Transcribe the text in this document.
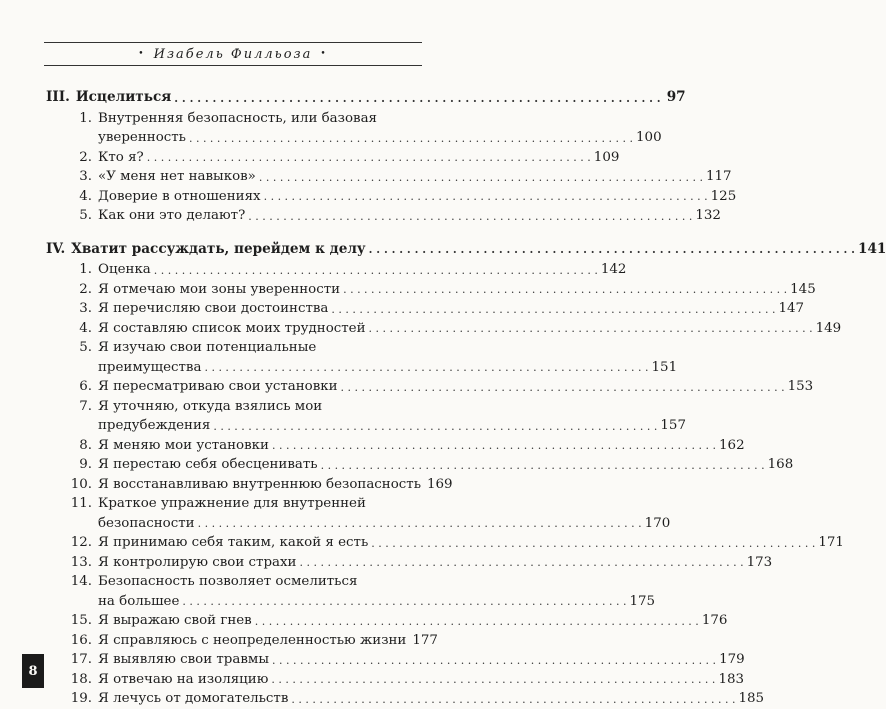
• Изабель Филльоза •
III. Исцелиться . . .	97
1. Внутренняя безопасность, или базовая
уверенность . . .	100
2. Кто я? . . .	109
3. «У меня нет навыков» . . .	117
4. Доверие в отношениях . . .	125
5. Как они это делают? . . .	132
IV. Хватит рассуждать, перейдем к делу . . .	141
1. Оценка . . .	142
2. Я отмечаю мои зоны уверенности . . .	145
3. Я перечисляю свои достоинства . . .	147
4. Я составляю список моих трудностей . . .	149
5. Я изучаю свои потенциальные
преимущества . . .	151
6. Я пересматриваю свои установки . . .	153
7. Я уточняю, откуда взялись мои
предубеждения . . .	157
8. Я меняю мои установки . . .	162
9. Я перестаю себя обесценивать . . .	168
10. Я восстанавливаю внутреннюю безопасность 169
11. Краткое упражнение для внутренней
безопасности . . .	170
12. Я принимаю себя таким, какой я есть . . .	171
13. Я контролирую свои страхи . . .	173
14. Безопасность позволяет осмелиться
на большее . . .	175
15. Я выражаю свой гнев . . .	176
16. Я справляюсь с неопределенностью жизни 177
17. Я выявляю свои травмы . . .	179
18. Я отвечаю на изоляцию . . .	183
19. Я лечусь от домогательств . . .	185
8
